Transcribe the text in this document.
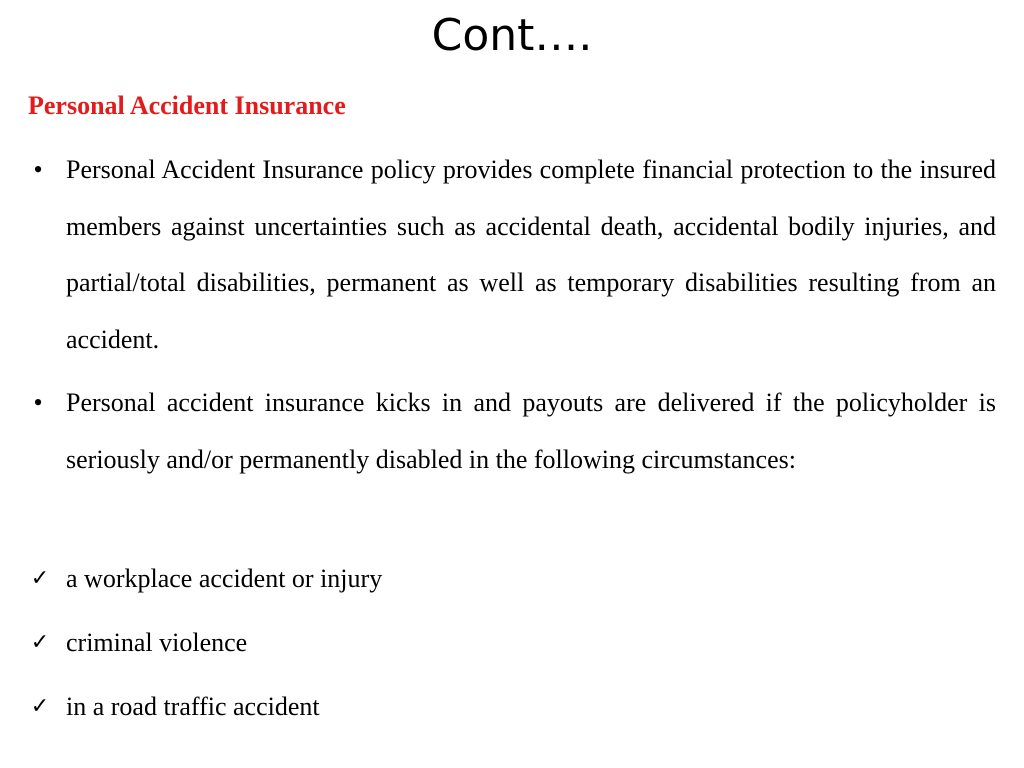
Cont….
Personal Accident Insurance
• Personal Accident Insurance policy provides complete financial protection to the insured members against uncertainties such as accidental death, accidental bodily injuries, and partial/total disabilities, permanent as well as temporary disabilities resulting from an accident.

• Personal accident insurance kicks in and payouts are delivered if the policyholder is seriously and/or permanently disabled in the following circumstances:

✓ a workplace accident or injury
✓ criminal violence
✓ in a road traffic accident
